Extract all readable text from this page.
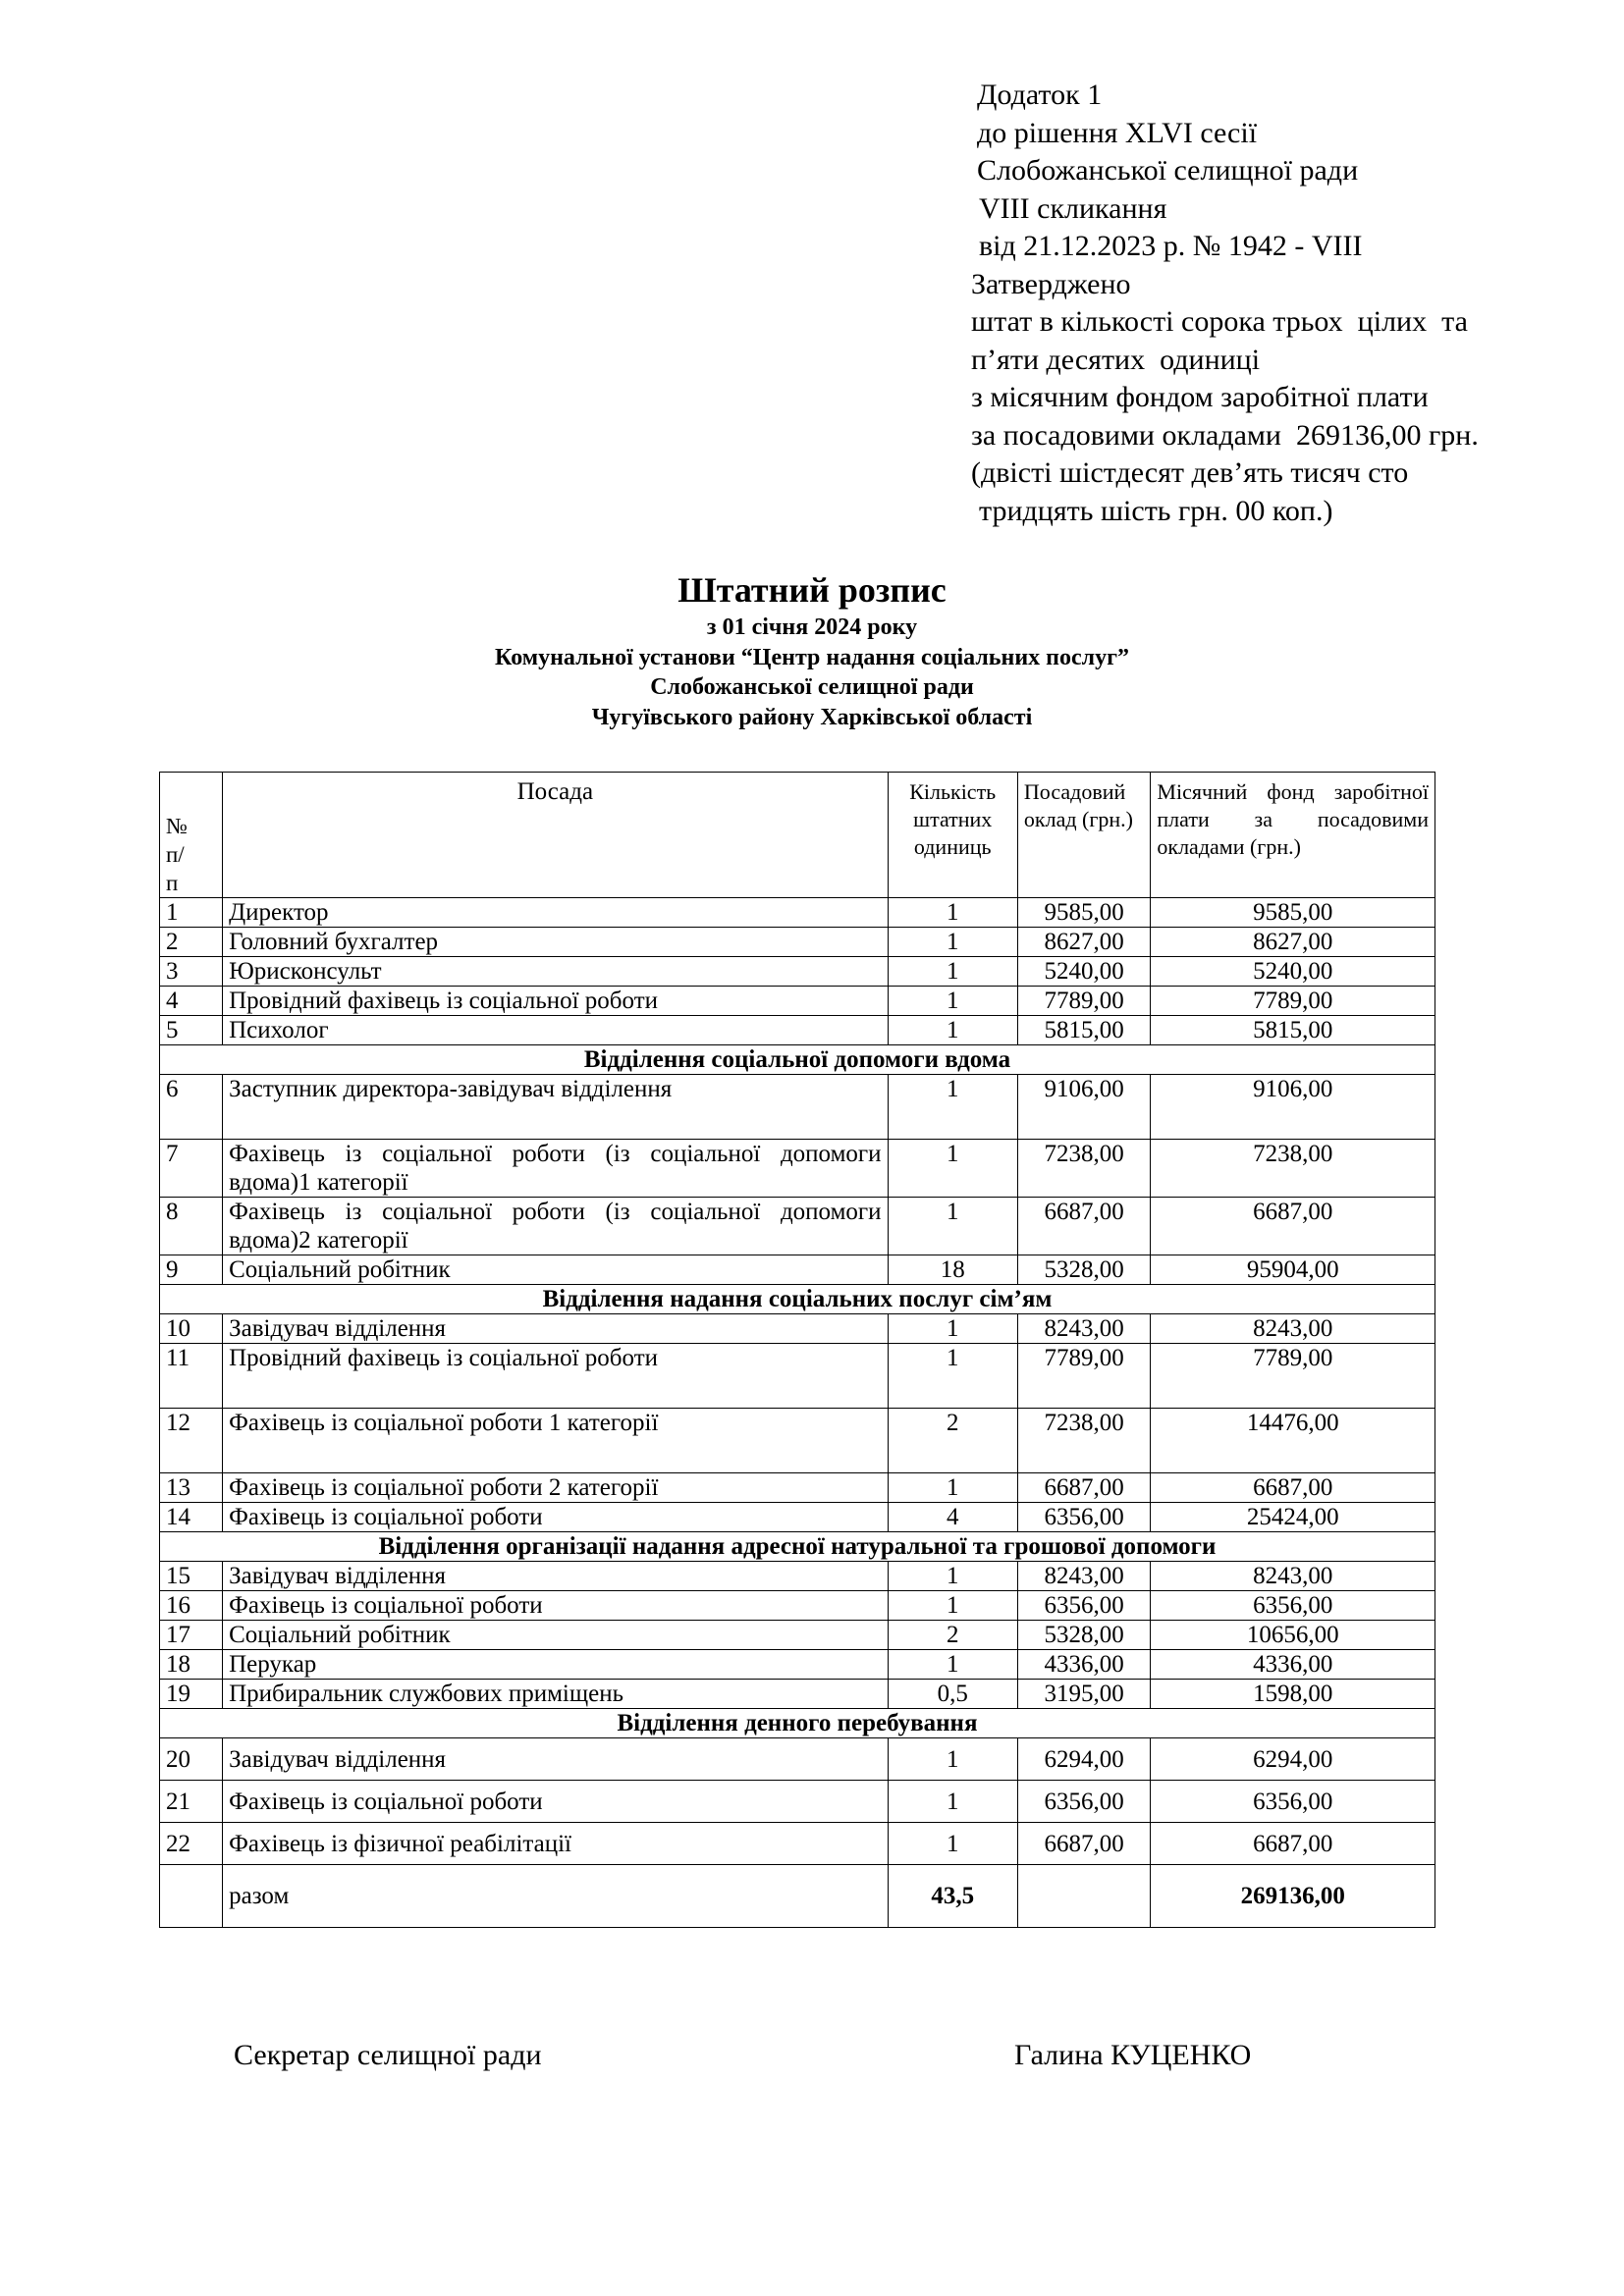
Додаток 1
до рішення XLVI сесії
Слобожанської селищної ради
VIII скликання
від 21.12.2023 р. № 1942 - VIII
Затверджено
штат в кількості сорока трьох  цілих  та
п’яти десятих  одиниці
з місячним фондом заробітної плати
за посадовими окладами  269136,00 грн.
(двісті шістдесят дев’ять тисяч сто
тридцять шість грн. 00 коп.)
Штатний розпис
з 01 січня 2024 року
Комунальної установи “Центр надання соціальних послуг”
Слобожанської селищної ради
Чугуївського району Харківської області
№ п/п	Посада	Кількість штатних одиниць	Посадовий оклад (грн.)	Місячний фонд заробітної плати за посадовими окладами (грн.)
1	Директор	1	9585,00	9585,00
2	Головний бухгалтер	1	8627,00	8627,00
3	Юрисконсульт	1	5240,00	5240,00
4	Провідний фахівець із соціальної роботи	1	7789,00	7789,00
5	Психолог	1	5815,00	5815,00
Відділення соціальної допомоги вдома				
6	Заступник директора-завідувач відділення	1	9106,00	9106,00
7	Фахівець із соціальної роботи (із соціальної допомоги вдома)1 категорії	1	7238,00	7238,00
8	Фахівець із соціальної роботи (із соціальної допомоги вдома)2 категорії	1	6687,00	6687,00
9	Соціальний робітник	18	5328,00	95904,00
Відділення надання соціальних послуг сім’ям				
10	Завідувач відділення	1	8243,00	8243,00
11	Провідний фахівець із соціальної роботи	1	7789,00	7789,00
12	Фахівець із соціальної роботи 1 категорії	2	7238,00	14476,00
13	Фахівець із соціальної роботи 2 категорії	1	6687,00	6687,00
14	Фахівець із соціальної роботи	4	6356,00	25424,00
Відділення організації надання адресної натуральної та грошової допомоги				
15	Завідувач відділення	1	8243,00	8243,00
16	Фахівець із соціальної роботи	1	6356,00	6356,00
17	Соціальний робітник	2	5328,00	10656,00
18	Перукар	1	4336,00	4336,00
19	Прибиральник службових приміщень	0,5	3195,00	1598,00
Відділення денного перебування				
20	Завідувач відділення	1	6294,00	6294,00
21	Фахівець із соціальної роботи	1	6356,00	6356,00
22	Фахівець із фізичної реабілітації	1	6687,00	6687,00
	разом	43,5		269136,00
Секретар селищної ради	Галина КУЦЕНКО
